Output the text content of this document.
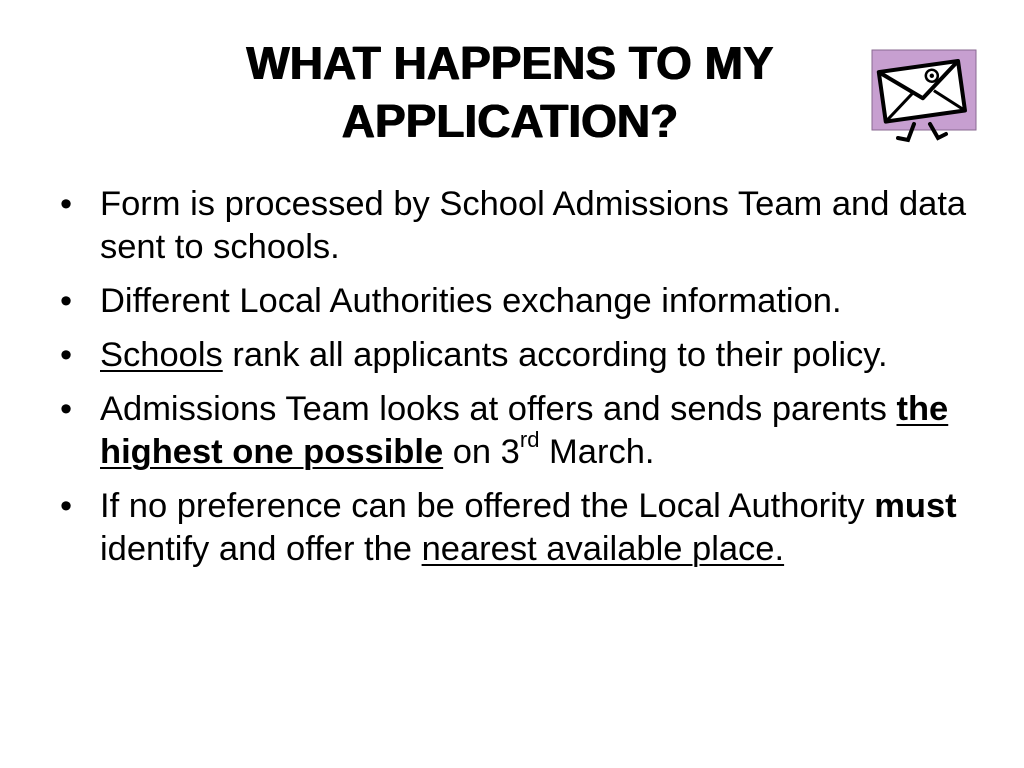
WHAT HAPPENS TO MY
APPLICATION?
• Form is processed by School Admissions Team and data sent to schools.
• Different Local Authorities exchange information.
• Schools rank all applicants according to their policy.
• Admissions Team looks at offers and sends parents the highest one possible on 3rd March.
• If no preference can be offered the Local Authority must identify and offer the nearest available place.
